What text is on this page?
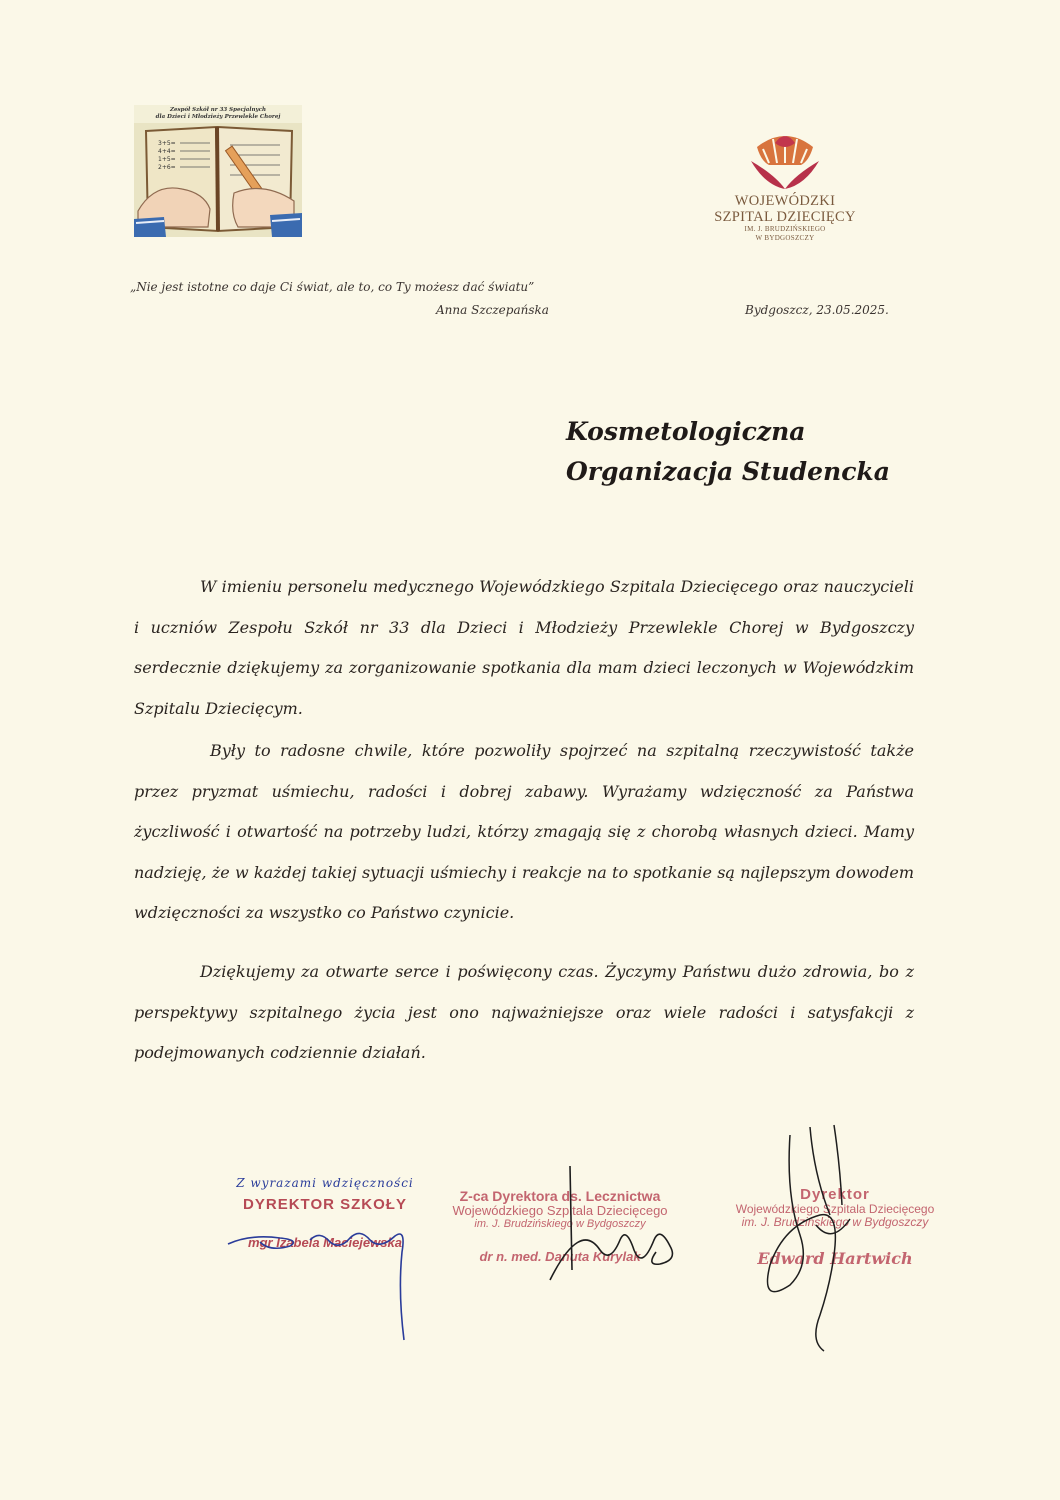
Zespół Szkół nr 33 Specjalnych
dla Dzieci i Młodzieży Przewlekle Chorej
3+5=
4+4=
1+5=
2+6=
WOJEWÓDZKI
SZPITAL DZIECIĘCY
IM. J. BRUDZIŃSKIEGO
W BYDGOSZCZY
„Nie jest istotne co daje Ci świat, ale to, co Ty możesz dać światu”
Anna Szczepańska	Bydgoszcz, 23.05.2025.
Kosmetologiczna
Organizacja Studencka

W imieniu personelu medycznego Wojewódzkiego Szpitala Dziecięcego oraz nauczycieli i uczniów Zespołu Szkół nr 33 dla Dzieci i Młodzieży Przewlekle Chorej w Bydgoszczy serdecznie dziękujemy za zorganizowanie spotkania dla mam dzieci leczonych w Wojewódzkim Szpitalu Dziecięcym.

Były to radosne chwile, które pozwoliły spojrzeć na szpitalną rzeczywistość także przez pryzmat uśmiechu, radości i dobrej zabawy. Wyrażamy wdzięczność za Państwa życzliwość i otwartość na potrzeby ludzi, którzy zmagają się z chorobą własnych dzieci. Mamy nadzieję, że w każdej takiej sytuacji uśmiechy i reakcje na to spotkanie są najlepszym dowodem wdzięczności za wszystko co Państwo czynicie.

Dziękujemy za otwarte serce i poświęcony czas. Życzymy Państwu dużo zdrowia, bo z perspektywy szpitalnego życia jest ono najważniejsze oraz wiele radości i satysfakcji z podejmowanych codziennie działań.

Z wyrazami wdzięczności
DYREKTOR SZKOŁY
mgr Izabela Maciejewska
Z-ca Dyrektora ds. Lecznictwa
Wojewódzkiego Szpitala Dziecięcego
im. J. Brudzińskiego w Bydgoszczy
dr n. med. Danuta Kurylak
Dyrektor
Wojewódzkiego Szpitala Dziecięcego
im. J. Brudzińskiego w Bydgoszczy
Edward Hartwich
